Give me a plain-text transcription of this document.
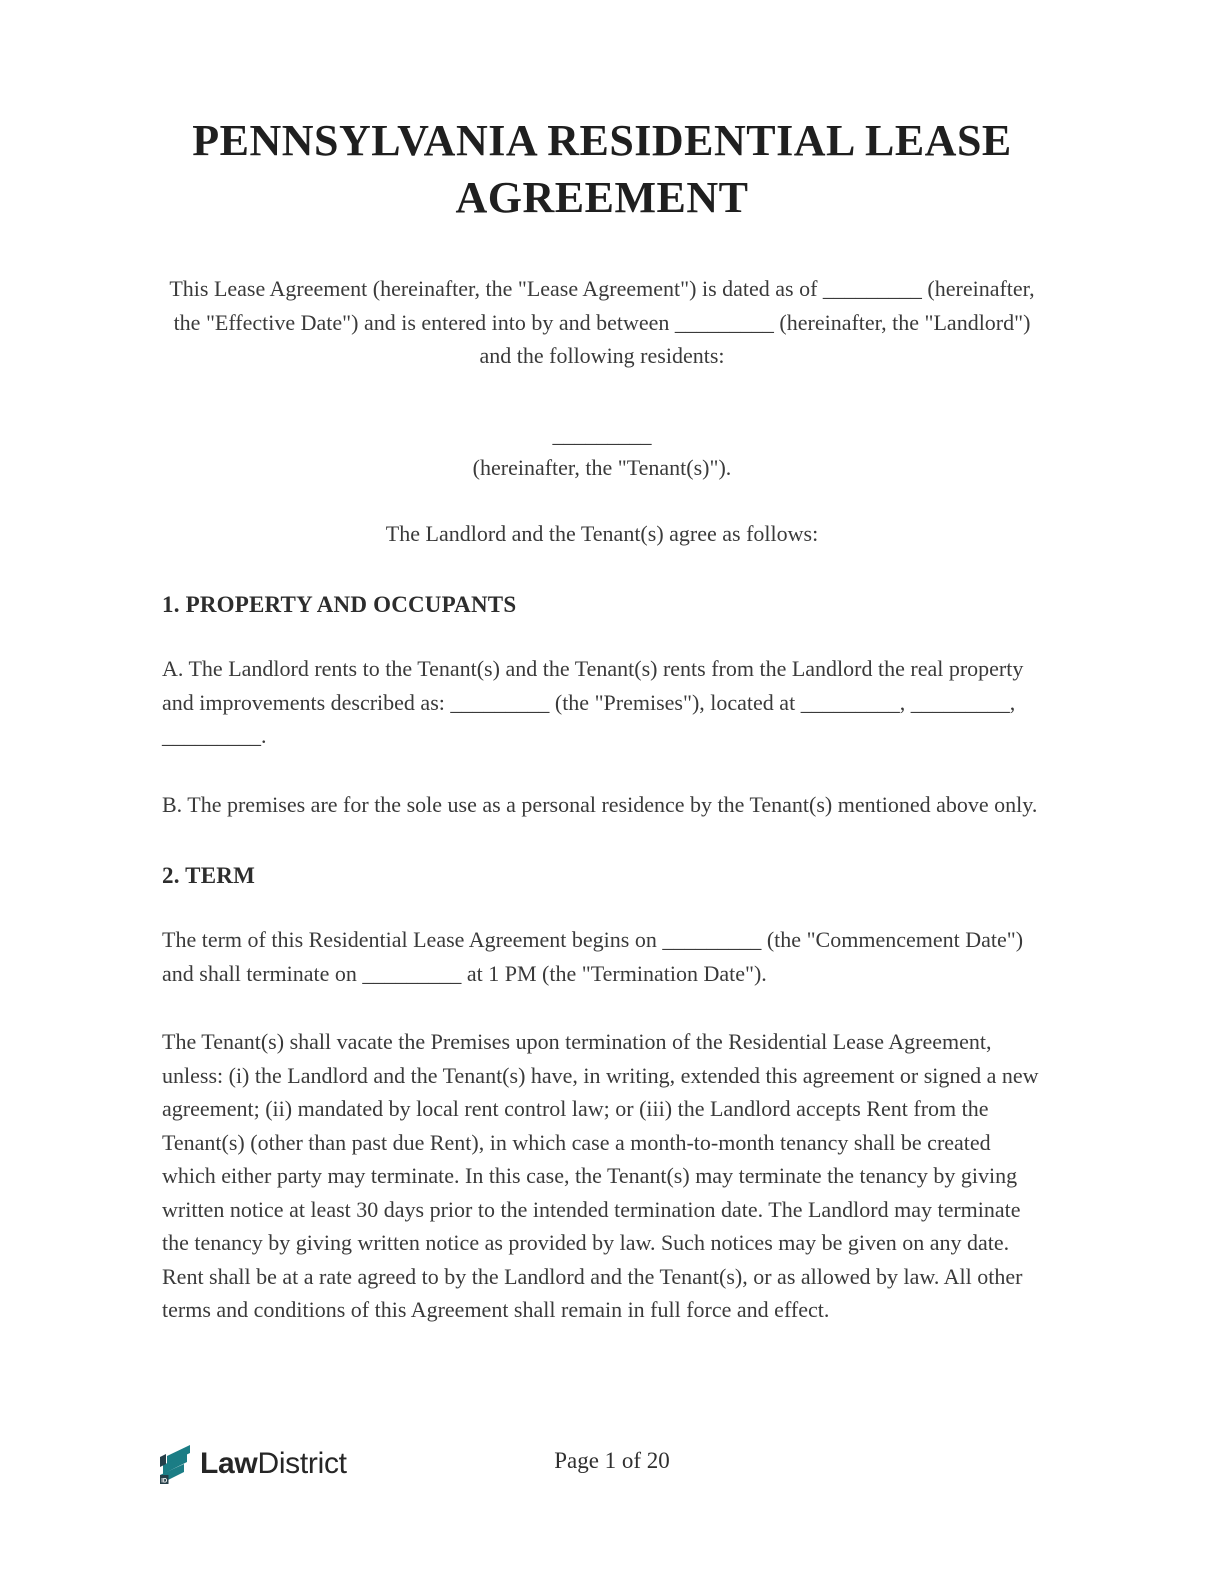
PENNSYLVANIA RESIDENTIAL LEASE AGREEMENT

This Lease Agreement (hereinafter, the "Lease Agreement") is dated as of _________ (hereinafter, the "Effective Date") and is entered into by and between _________ (hereinafter, the "Landlord") and the following residents:

_________

(hereinafter, the "Tenant(s)").

The Landlord and the Tenant(s) agree as follows:

1. PROPERTY AND OCCUPANTS

A. The Landlord rents to the Tenant(s) and the Tenant(s) rents from the Landlord the real property and improvements described as: _________ (the "Premises"), located at _________, _________, _________.

B. The premises are for the sole use as a personal residence by the Tenant(s) mentioned above only.

2. TERM

The term of this Residential Lease Agreement begins on _________ (the "Commencement Date") and shall terminate on _________ at 1 PM (the "Termination Date").

The Tenant(s) shall vacate the Premises upon termination of the Residential Lease Agreement, unless: (i) the Landlord and the Tenant(s) have, in writing, extended this agreement or signed a new agreement; (ii) mandated by local rent control law; or (iii) the Landlord accepts Rent from the Tenant(s) (other than past due Rent), in which case a month-to-month tenancy shall be created which either party may terminate. In this case, the Tenant(s) may terminate the tenancy by giving written notice at least 30 days prior to the intended termination date. The Landlord may terminate the tenancy by giving written notice as provided by law. Such notices may be given on any date. Rent shall be at a rate agreed to by the Landlord and the Tenant(s), or as allowed by law. All other terms and conditions of this Agreement shall remain in full force and effect.

ID
LawDistrict	Page 1 of 20
